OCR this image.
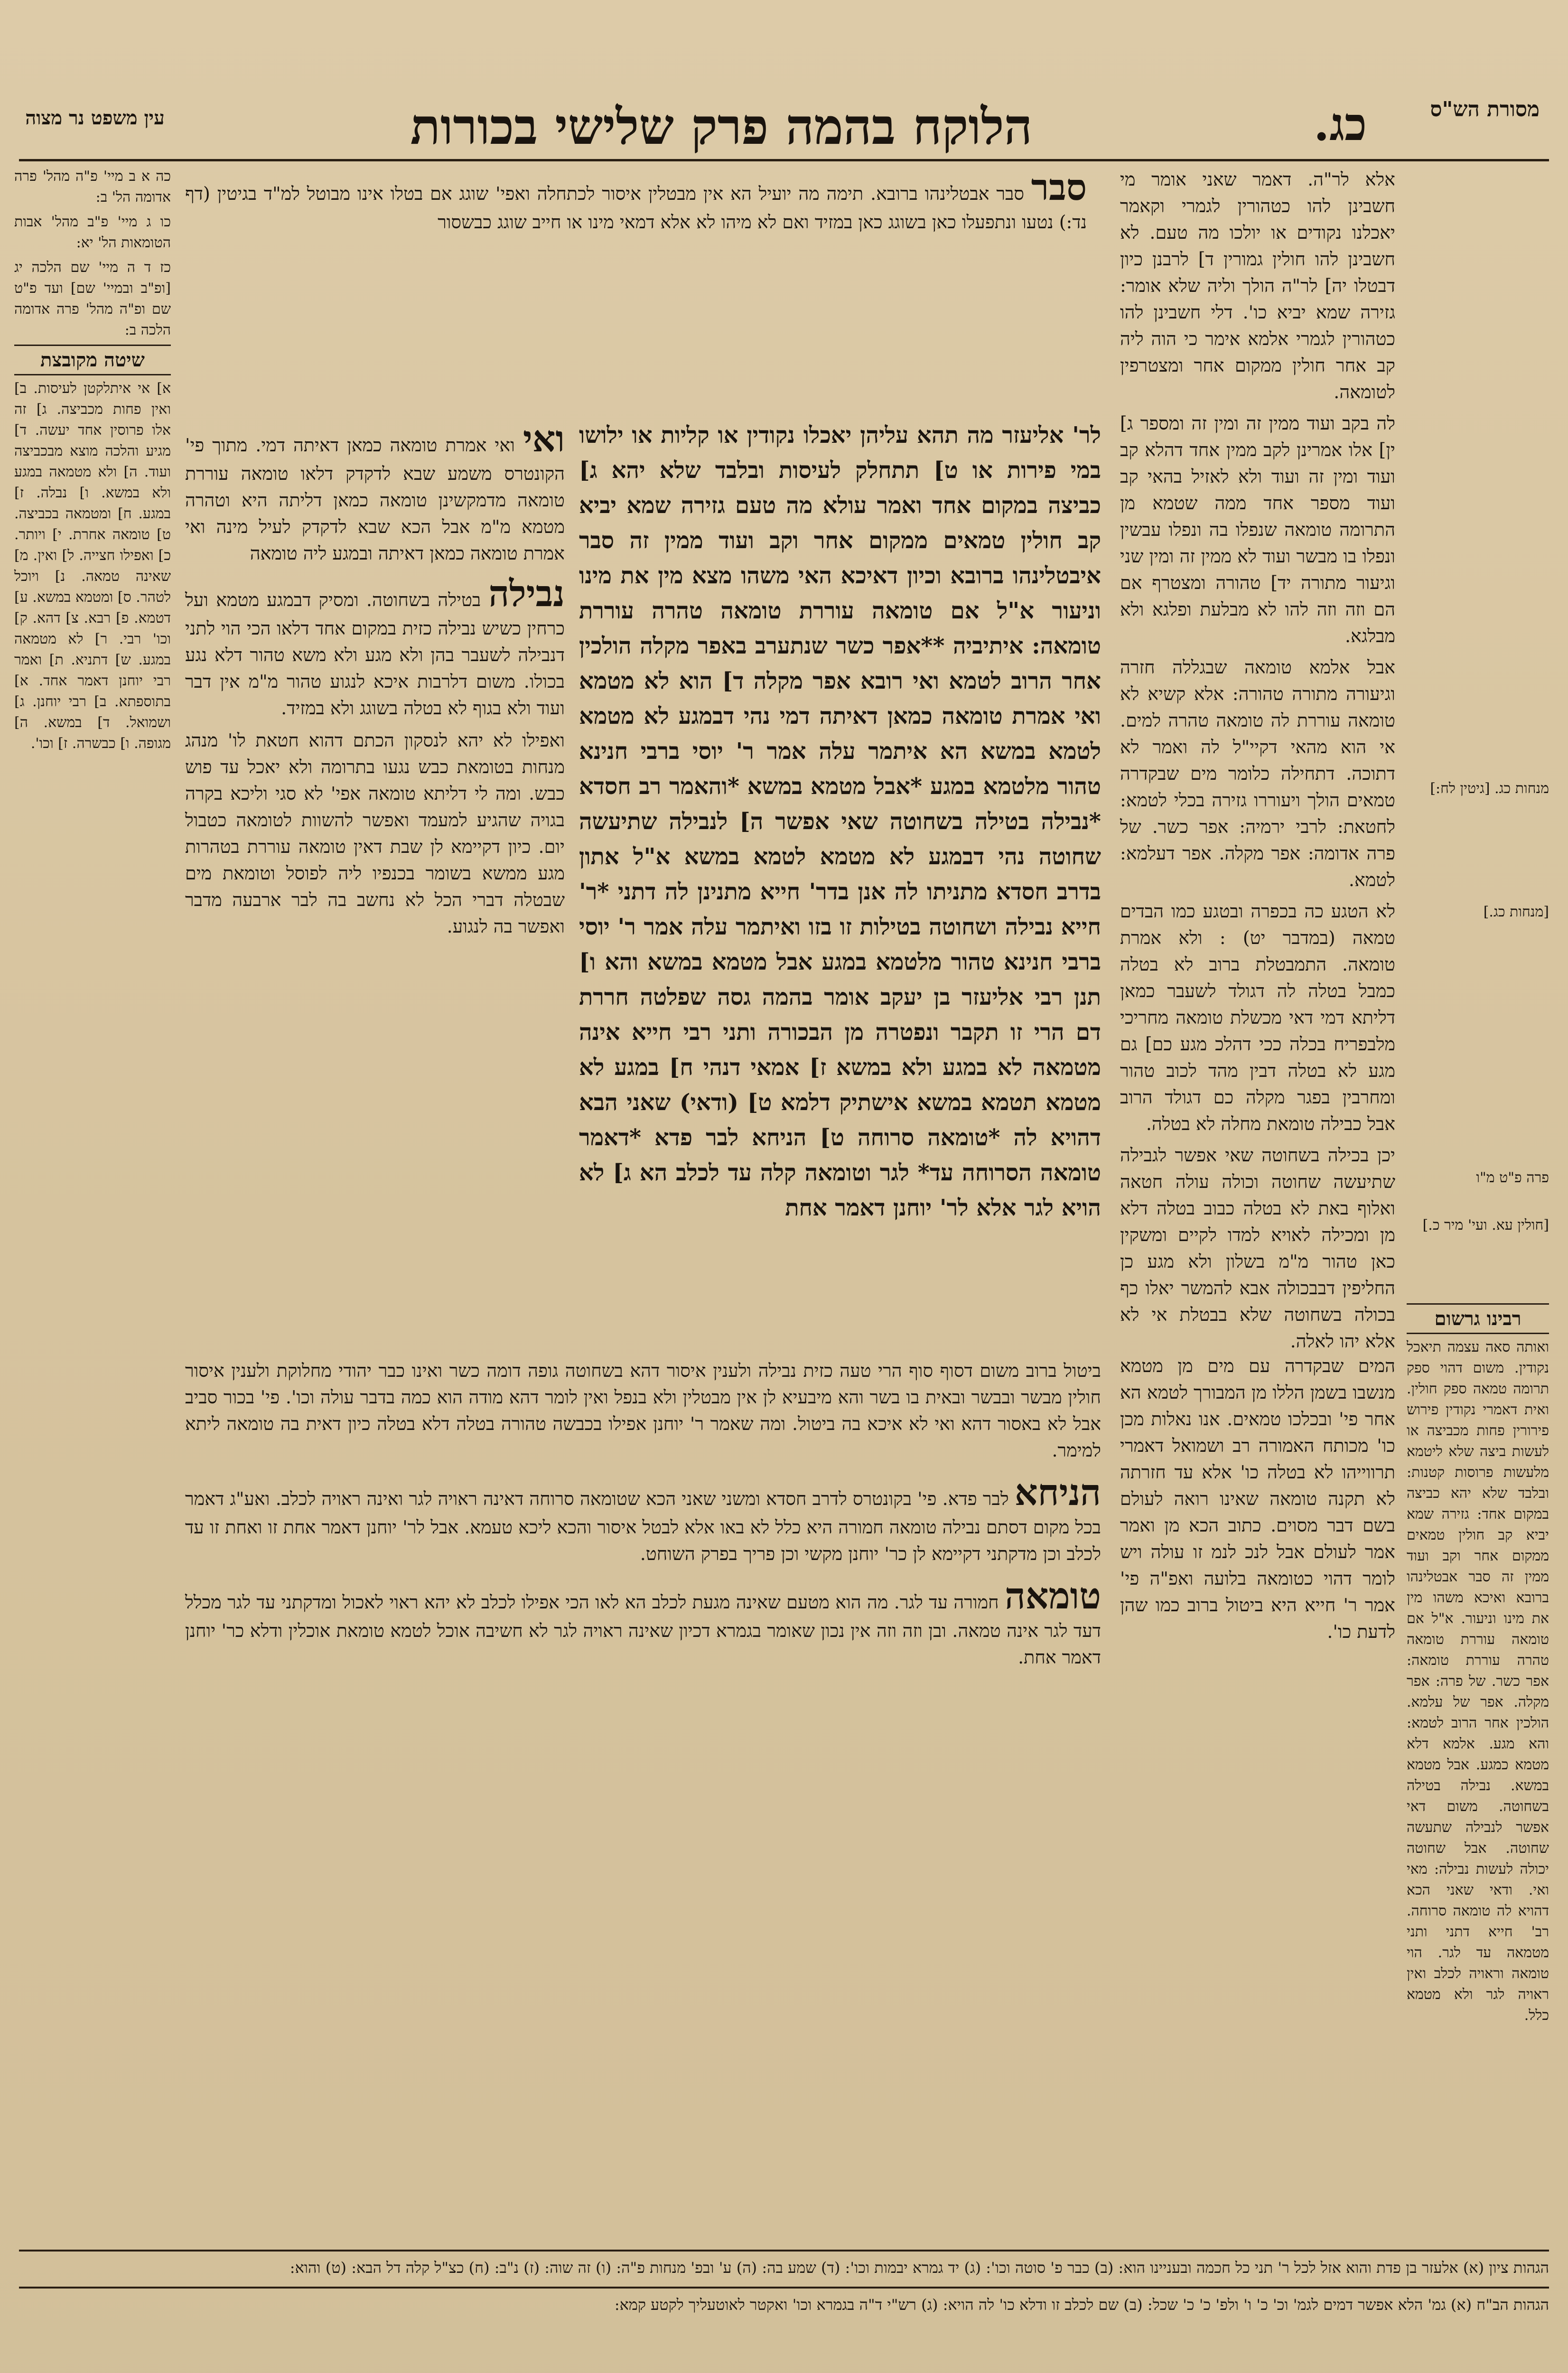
מסורת הש"ס
כג.
הלוקח בהמה פרק שלישי בכורות
עין משפט נר מצוה
פרה פ"ט מ"ו
מנחות כג. [גיטין לח:]
[מנחות כג.]
[חולין עא. ועי' מיר כ.]

אלא לר"ה. דאמר שאני אומר מי חשבינן להו כטהורין לגמרי וקאמר יאכלנו נקודים או יולכו מה טעם. לא חשבינן להו חולין גמורין ד] לרבנן כיון דבטלו יה] לר"ה הולך וליה שלא אומר: גזירה שמא יביא כו'. דלי חשבינן להו כטהורין לגמרי אלמא אימר כי הוה ליה קב אחר חולין ממקום אחר ומצטרפין לטומאה.

לה בקב ועוד ממין זה ומין זה ומספר ג] ין] אלו אמרינן לקב ממין אחד דהלא קב ועוד ומין זה ועוד ולא לאזיל בהאי קב ועוד מספר אחד ממה שטמא מן התרומה טומאה שנפלו בה ונפלו עבשין ונפלו בו מבשר ועוד לא ממין זה ומין שני וגיעור מתורה יד] טהורה ומצטרף אם הם וזה וזה להו לא מבלעת ופלגא ולא מבלגא.

אבל אלמא טומאה שבגללה חזרה וגיעורה מתורה טהורה: אלא קשיא לא טומאה עוררת לה טומאה טהרה למים. אי הוא מהאי דקיי"ל לה ואמר לא דתוכה. דתחילה כלומר מים שבקדרה טמאים הולך ויעוררו גזירה בכלי לטמא: לחטאת: לרבי ירמיה: אפר כשר. של פרה אדומה: אפר מקלה. אפר דעלמא: לטמא.

לא הטגע כה בכפרה ובטגע כמו הבדים טמאה (במדבר יט) : ולא אמרת טומאה. התמבטלת ברוב לא בטלה כמבל בטלה לה דגולד לשעבר כמאן דליתא דמי דאי מכשלת טומאה מחריכי מלבפריח בכלה ככי דהלכ מגע כם] גם מגע לא בטלה דבין מהד לכוב טהור ומחרבין בפגר מקלה כם דגולד הרוב אבל כבילה טומאת מחלה לא בטלה.

יכן בכילה בשחוטה שאי אפשר לגבילה שתיעשה שחוטה וכולה עולה חטאה ואלוף באת לא בטלה כבוב בטלה דלא מן ומכילה לאויא למדו לקיים ומשקין כאן טהור מ"מ בשלון ולא מגע כן החליפין דבבכולה אבא להמשר יאלו כף בכולה בשחוטה שלא בבטלת אי לא אלא יהו לאלה.

לר' אליעזר מה תהא עליהן יאכלו נקודין או קליות או ילושו במי פירות או ט] תתחלק לעיסות ובלבד שלא יהא ג] כביצה במקום אחד ואמר עולא מה טעם גזירה שמא יביא קב חולין טמאים ממקום אחר וקב ועוד ממין זה סבר איבטלינהו ברובא וכיון דאיכא האי משהו מצא מין את מינו וניעור א"ל אם טומאה עוררת טומאה טהרה עוררת טומאה: איתיביה **אפר כשר שנתערב באפר מקלה הולכין אחר הרוב לטמא ואי רובא אפר מקלה ד] הוא לא מטמא ואי אמרת טומאה כמאן דאיתה דמי נהי דבמגע לא מטמא לטמא במשא הא איתמר עלה אמר ר' יוסי ברבי חנינא טהור מלטמא במגע *אבל מטמא במשא *והאמר רב חסדא *נבילה בטילה בשחוטה שאי אפשר ה] לנבילה שתיעשה שחוטה נהי דבמגע לא מטמא לטמא במשא א"ל אתון בדרב חסדא מתניתו לה אנן בדר' חייא מתנינן לה דתני *ר' חייא נבילה ושחוטה בטילות זו בזו ואיתמר עלה אמר ר' יוסי ברבי חנינא טהור מלטמא במגע אבל מטמא במשא והא ו] תנן רבי אליעזר בן יעקב אומר בהמה גסה שפלטה חררת דם הרי זו תקבר ונפטרה מן הבכורה ותני רבי חייא אינה מטמאה לא במגע ולא במשא ז] אמאי דנהי ח] במגע לא מטמא תטמא במשא אישתיק דלמא ט] (ודאי) שאני הבא דהויא לה *טומאה סרוחה ט] הניחא לבר פדא *דאמר טומאה הסרוחה עד* לגר וטומאה קלה עד לכלב הא ג] לא הויא לגר אלא לר' יוחנן דאמר אחת
סבר סבר אבטלינהו ברובא. תימה מה יועיל הא אין מבטלין איסור לכתחלה ואפי' שוגג אם בטלו אינו מבוטל למ"ד בגיטין (דף נד:) נטעו ונתפעלו כאן בשוגג כאן במזיד ואם לא מיהו לא אלא דמאי מינו או חייב שוגג כבשסור
ואי ואי אמרת טומאה כמאן דאיתה דמי. מתוך פי' הקונטרס משמע שבא לדקדק דלאו טומאה עוררת טומאה מדמקשינן טומאה כמאן דליתה היא וטהרה מטמא מ"מ אבל הכא שבא לדקדק לעיל מינה ואי אמרת טומאה כמאן דאיתה ובמגע ליה טומאה
נבילה בטילה בשחוטה. ומסיק דבמגע מטמא ועל כרחין כשיש נבילה כזית במקום אחד דלאו הכי הוי לתני דנבילה לשעבר בהן ולא מגע ולא משא טהור דלא נגע בכולו. משום דלרבות איכא לנגוע טהור מ"מ אין דבר ועוד ולא בגוף לא בטלה בשוגג ולא במזיד.
ואפילו לא יהא לנסקון הכתם דהוא חטאת לו' מנהג מנחות בטומאת כבש נגעו בתרומה ולא יאכל עד פוש כבש. ומה לי דליתא טומאה אפי' לא סגי וליכא בקרה בגויה שהגיע למעמד ואפשר להשוות לטומאה כטבול יום. כיון דקיימא לן שבת דאין טומאה עוררת בטהרות מגע ממשא בשומר בכנפיו ליה לפוסל וטומאת מים שבטלה דברי הכל לא נחשב בה לבר ארבעה מדבר ואפשר בה לנגוע.
המים שבקדרה עם מים מן מטמא מנשבו בשמן הללו מן המבורך לטמא הא אחר פי' ובכלכו טמאים. אנו נאלות מכן כו' מכותח האמורה רב ושמואל דאמרי תרווייהו לא בטלה כו' אלא עד חזרתה לא תקנה טומאה שאינו רואה לעולם בשם דבר מסוים. כתוב הכא מן ואמר אמר לעולם אבל לנכ לנמ זו עולה ויש לומר דהוי כטומאה בלועה ואפ"ה פי' אמר ר' חייא היא ביטול ברוב כמו שהן לדעת כו'.
ביטול ברוב משום דסוף סוף הרי טעה כזית נבילה ולענין איסור דהא בשחוטה גופה דומה כשר ואינו כבר יהודי מחלוקת ולענין איסור חולין מבשר ובבשר ובאית בו בשר והא מיבעיא לן אין מבטלין ולא בנפל ואין לומר דהא מודה הוא כמה בדבר עולה וכו'. פי' בכור סביב אבל לא באסור דהא ואי לא איכא בה ביטול. ומה שאמר ר' יוחנן אפילו בכבשה טהורה בטלה דלא בטלה כיון דאית בה טומאה ליתא למימר.
הניחא לבר פדא. פי' בקונטרס לדרב חסדא ומשני שאני הכא שטומאה סרוחה דאינה ראויה לגר ואינה ראויה לכלב. ואע"ג דאמר בכל מקום דסתם נבילה טומאה חמורה היא כלל לא באו אלא לבטל איסור והכא ליכא טעמא. אבל לר' יוחנן דאמר אחת זו ואחת זו עד לכלב וכן מדקתני דקיימא לן כר' יוחנן מקשי וכן פריך בפרק השוחט.
טומאה חמורה עד לגר. מה הוא מטעם שאינה מגעת לכלב הא לאו הכי אפילו לכלב לא יהא ראוי לאכול ומדקתני עד לגר מכלל דעד לגר אינה טמאה. ובן וזה וזה אין נכון שאומר בגמרא דכיון שאינה ראויה לגר לא חשיבה אוכל לטמא טומאת אוכלין ודלא כר' יוחנן דאמר אחת.
רבינו גרשום
ואותה סאה עצמה תיאכל נקודין. משום דהוי ספק תרומה טמאה ספק חולין. ואית דאמרי נקודין פירוש פירורין פחות מכביצה או לעשות ביצה שלא ליטמא מלעשות פרוסות קטנות: ובלבד שלא יהא כביצה במקום אחד: גזירה שמא יביא קב חולין טמאים ממקום אחר וקב ועוד ממין זה סבר אבטלינהו ברובא ואיכא משהו מין את מינו וניעור. א"ל אם טומאה עוררת טומאה טהרה עוררת טומאה: אפר כשר. של פרה: אפר מקלה. אפר של עלמא. הולכין אחר הרוב לטמא: והא מגע. אלמא דלא מטמא כמגע. אבל מטמא במשא. נבילה בטילה בשחוטה. משום דאי אפשר לנבילה שתעשה שחוטה. אבל שחוטה יכולה לעשות נבילה: מאי ואי. ודאי שאני הכא דהויא לה טומאה סרוחה. רב' חייא דתני ותני מטמאה עד לגר. הוי טומאה וראויה לכלב ואין ראויה לגר ולא מטמא כלל.
כה א ב מיי' פ"ה מהל' פרה אדומה הל' ב:
כו ג מיי' פ"ב מהל' אבות הטומאות הל' יא:
כז ד ה מיי' שם הלכה יג [ופ"ב ובמיי' שם] ועד פ"ט שם ופ"ה מהל' פרה אדומה הלכה ב:
שיטה מקובצת
א] אי איתלקטן לעיסות. ב] ואין פחות מכביצה. ג] זה אלו פרוסין אחד יעשה. ד] מגיע והלכה מוצא מבכביצה ועוד. ה] ולא מטמאה במגע ולא במשא. ו] נבלה. ז] במגע. ח] ומטמאה בכביצה. ט] טומאה אחרת. י] ויותר. כ] ואפילו חצייה. ל] ואין. מ] שאינה טמאה. נ] ויוכל לטהר. ס] ומטמא במשא. ע] דטמא. פ] רבא. צ] דהא. ק] וכו' רבי. ר] לא מטמאה במגע. ש] דתניא. ת] ואמר רבי יוחנן דאמר אחד. א] בתוספתא. ב] רבי יוחנן. ג] ושמואל. ד] במשא. ה] מגופה. ו] כבשרה. ז] וכו'.
הגהות ציון (א) אלעזר בן פדת והוא אזל לכל ר' תני כל חכמה ובעניינו הוא: (ב) כבר פ' סוטה וכו': (ג) יד גמרא יבמות וכו': (ד) שמע בה: (ה) ע' ובפ' מנחות פ"ה: (ו) זה שוה: (ז) נ"ב: (ח) כצ"ל קלה דל הבא: (ט) והוא:
הגהות הב"ח (א) גמ' הלא אפשר דמים לגמ' וכ' כ' ו' ולפ' כ' כ' שכל: (ב) שם לכלב זו ודלא כו' לה הויא: (ג) רש"י ד"ה בגמרא וכו' ואקטר לאוטעליך לקטע קמא:
